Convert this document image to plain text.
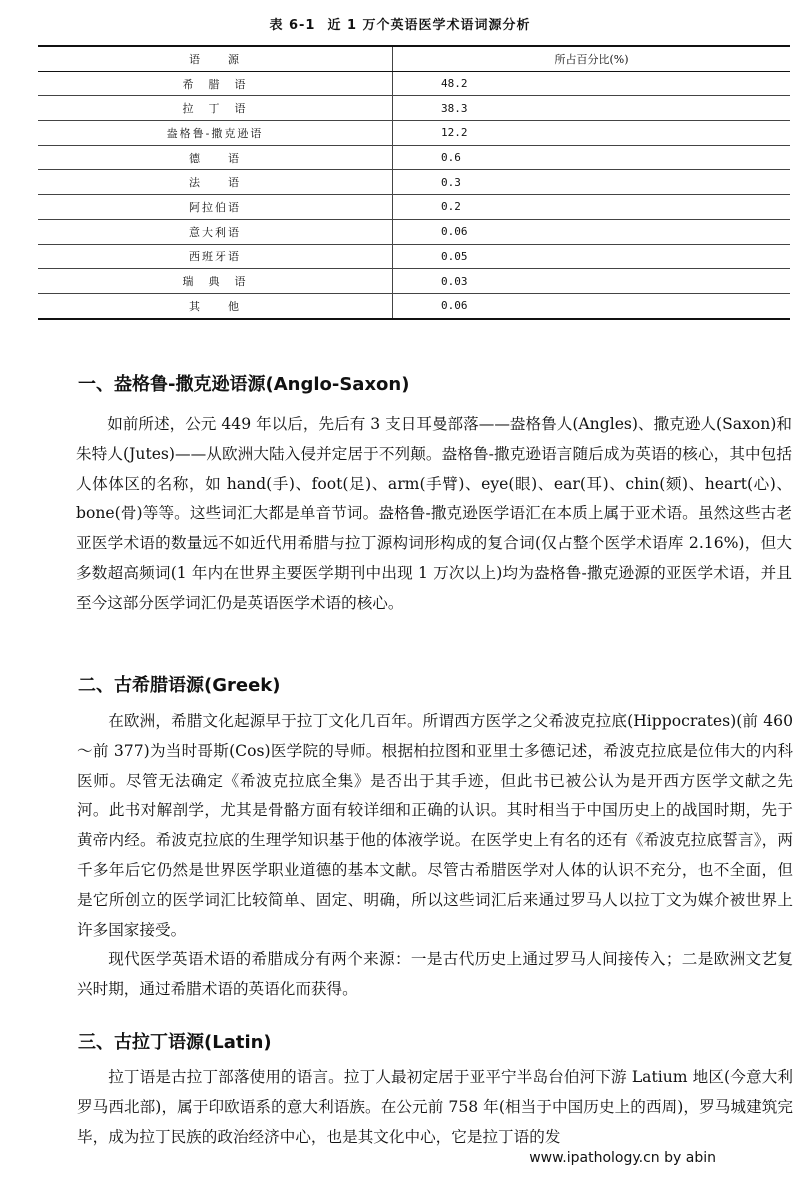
表 6-1 近 1 万个英语医学术语词源分析
语　　源	所占百分比(%)
希　腊　语	48.2
拉　丁　语	38.3
盎格鲁-撒克逊语	12.2
德　　语	0.6
法　　语	0.3
阿拉伯语	0.2
意大利语	0.06
西班牙语	0.05
瑞　典　语	0.03
其　　他	0.06
一、盎格鲁-撒克逊语源(Anglo-Saxon)

如前所述，公元 449 年以后，先后有 3 支日耳曼部落——盎格鲁人(Angles)、撒克逊人(Saxon)和朱特人(Jutes)——从欧洲大陆入侵并定居于不列颠。盎格鲁-撒克逊语言随后成为英语的核心，其中包括人体体区的名称，如 hand(手)、foot(足)、arm(手臂)、eye(眼)、ear(耳)、chin(颏)、heart(心)、bone(骨)等等。这些词汇大都是单音节词。盎格鲁-撒克逊医学语汇在本质上属于亚术语。虽然这些古老亚医学术语的数量远不如近代用希腊与拉丁源构词形构成的复合词(仅占整个医学术语库 2.16%)，但大多数超高频词(1 年内在世界主要医学期刊中出现 1 万次以上)均为盎格鲁-撒克逊源的亚医学术语，并且至今这部分医学词汇仍是英语医学术语的核心。

二、古希腊语源(Greek)

在欧洲，希腊文化起源早于拉丁文化几百年。所谓西方医学之父希波克拉底(Hippocrates)(前 460～前 377)为当时哥斯(Cos)医学院的导师。根据柏拉图和亚里士多德记述，希波克拉底是位伟大的内科医师。尽管无法确定《希波克拉底全集》是否出于其手迹，但此书已被公认为是开西方医学文献之先河。此书对解剖学，尤其是骨骼方面有较详细和正确的认识。其时相当于中国历史上的战国时期，先于黄帝内经。希波克拉底的生理学知识基于他的体液学说。在医学史上有名的还有《希波克拉底誓言》，两千多年后它仍然是世界医学职业道德的基本文献。尽管古希腊医学对人体的认识不充分，也不全面，但是它所创立的医学词汇比较简单、固定、明确，所以这些词汇后来通过罗马人以拉丁文为媒介被世界上许多国家接受。

现代医学英语术语的希腊成分有两个来源：一是古代历史上通过罗马人间接传入；二是欧洲文艺复兴时期，通过希腊术语的英语化而获得。

三、古拉丁语源(Latin)

拉丁语是古拉丁部落使用的语言。拉丁人最初定居于亚平宁半岛台伯河下游 Latium 地区(今意大利罗马西北部)，属于印欧语系的意大利语族。在公元前 758 年(相当于中国历史上的西周)，罗马城建筑完毕，成为拉丁民族的政治经济中心，也是其文化中心，它是拉丁语的发

www.ipathology.cn by abin
